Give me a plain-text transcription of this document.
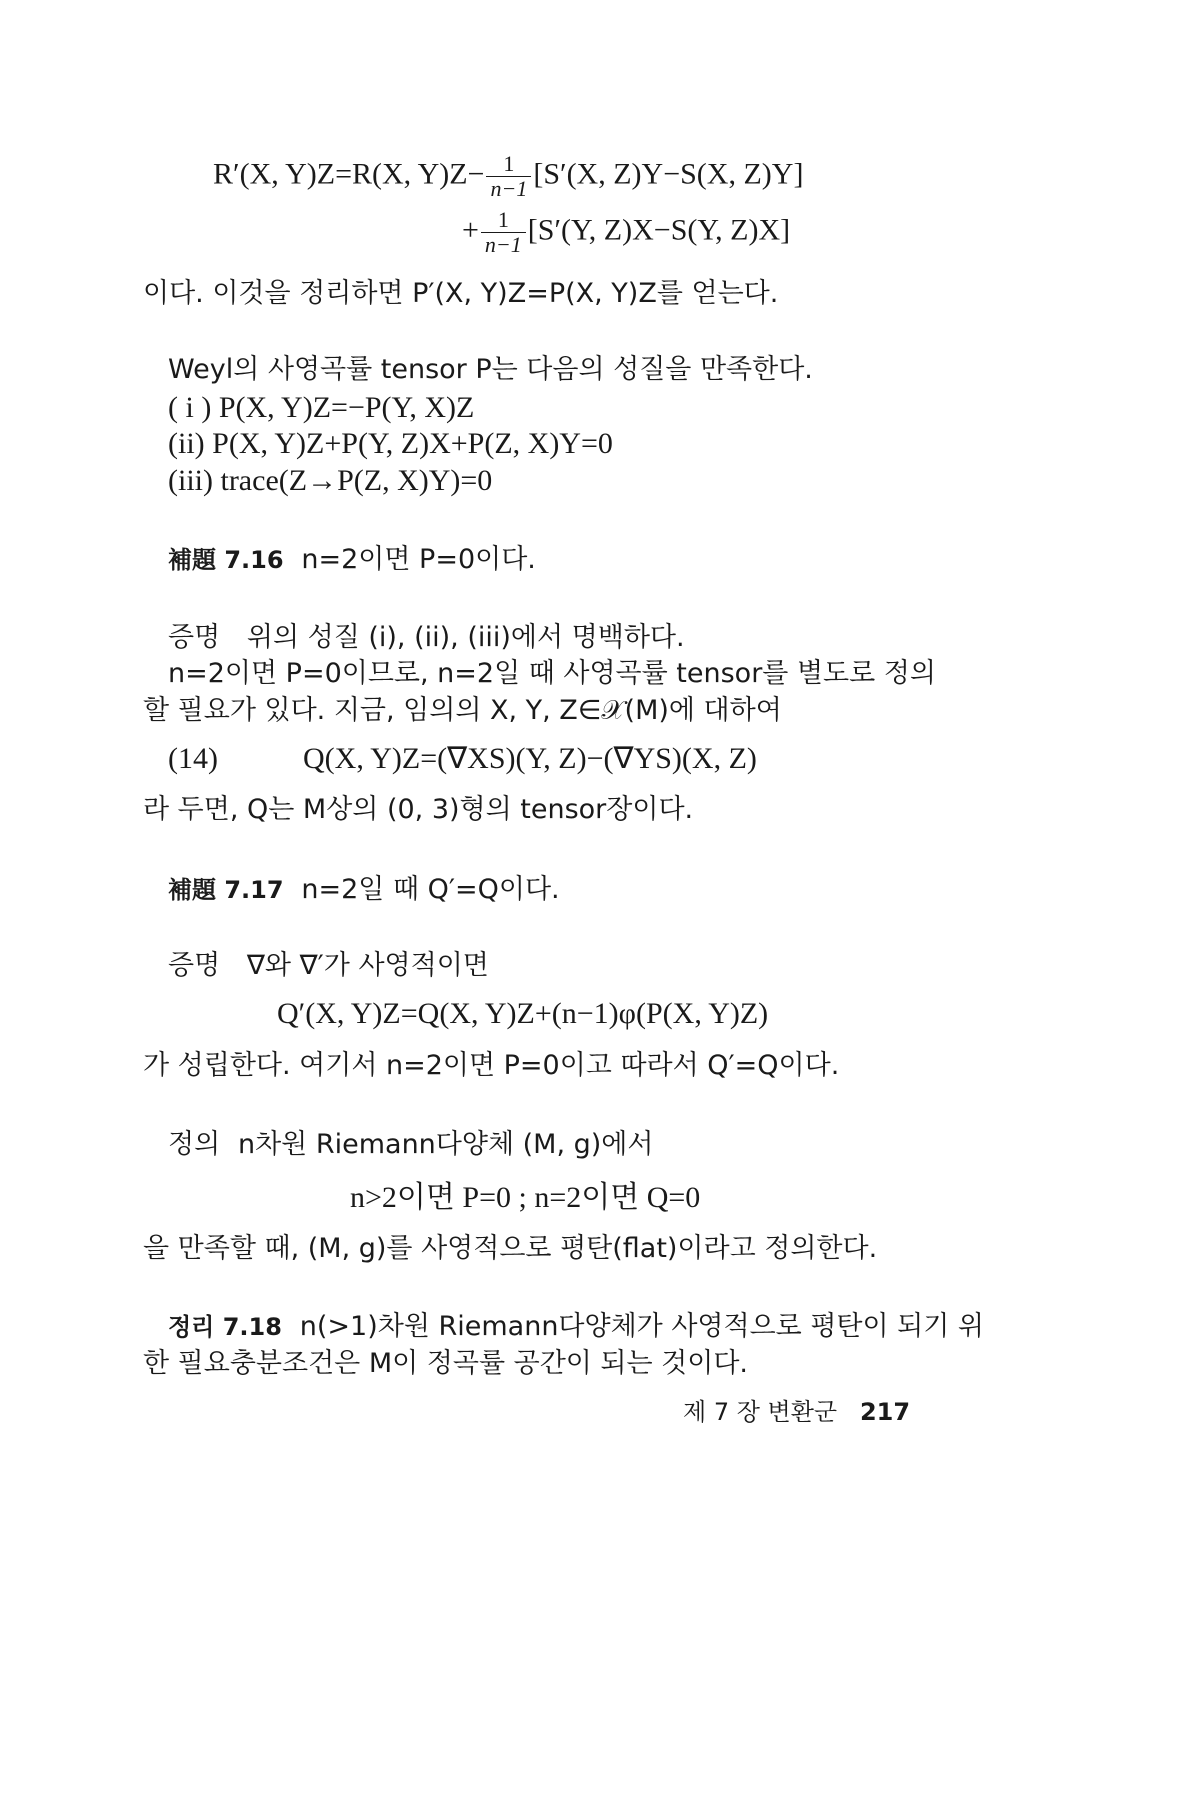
R′(X, Y)Z=R(X, $Y)Z- \frac{1}{n-1} [S'(X$, Z)Y−S(X, Z)Y]
+ $\frac{1}{n-1} [S'(Y$, Z)X−S(Y, Z)X]
이다. 이것을 정리하면 P′(X, Y)Z=P(X, Y)Z를 얻는다.
Weyl의 사영곡률 tensor P는 다음의 성질을 만족한다.
( i ) P(X, Y)Z=−P(Y, X)Z
(ii) P(X, Y)Z+P(Y, Z)X+P(Z, X)Y=0
(iii) trace(Z→P(Z, X)Y)=0
補題 7.16 n=2이면 P=0이다.
증명 위의 성질 (i), (ii), (iii)에서 명백하다.
n=2이면 P=0이므로, n=2일 때 사영곡률 tensor를 별도로 정의
할 필요가 있다. 지금, 임의의 X, Y, Z∈𝒳(M)에 대하여
(14)	Q(X, Y)Z=(∇XS)(Y, Z)−(∇YS)(X, Z)
라 두면, Q는 M상의 (0, 3)형의 tensor장이다.
補題 7.17 n=2일 때 Q′=Q이다.
증명 ∇와 ∇′가 사영적이면
Q′(X, Y)Z=Q(X, Y)Z+(n−1)φ(P(X, Y)Z)
가 성립한다. 여기서 n=2이면 P=0이고 따라서 Q′=Q이다.
정의 n차원 Riemann다양체 (M, g)에서
n>2이면 P=0 ; n=2이면 Q=0
을 만족할 때, (M, g)를 사영적으로 평탄(flat)이라고 정의한다.
정리 7.18 n(>1)차원 Riemann다양체가 사영적으로 평탄이 되기 위
한 필요충분조건은 M이 정곡률 공간이 되는 것이다.
제 7 장 변환군 217
